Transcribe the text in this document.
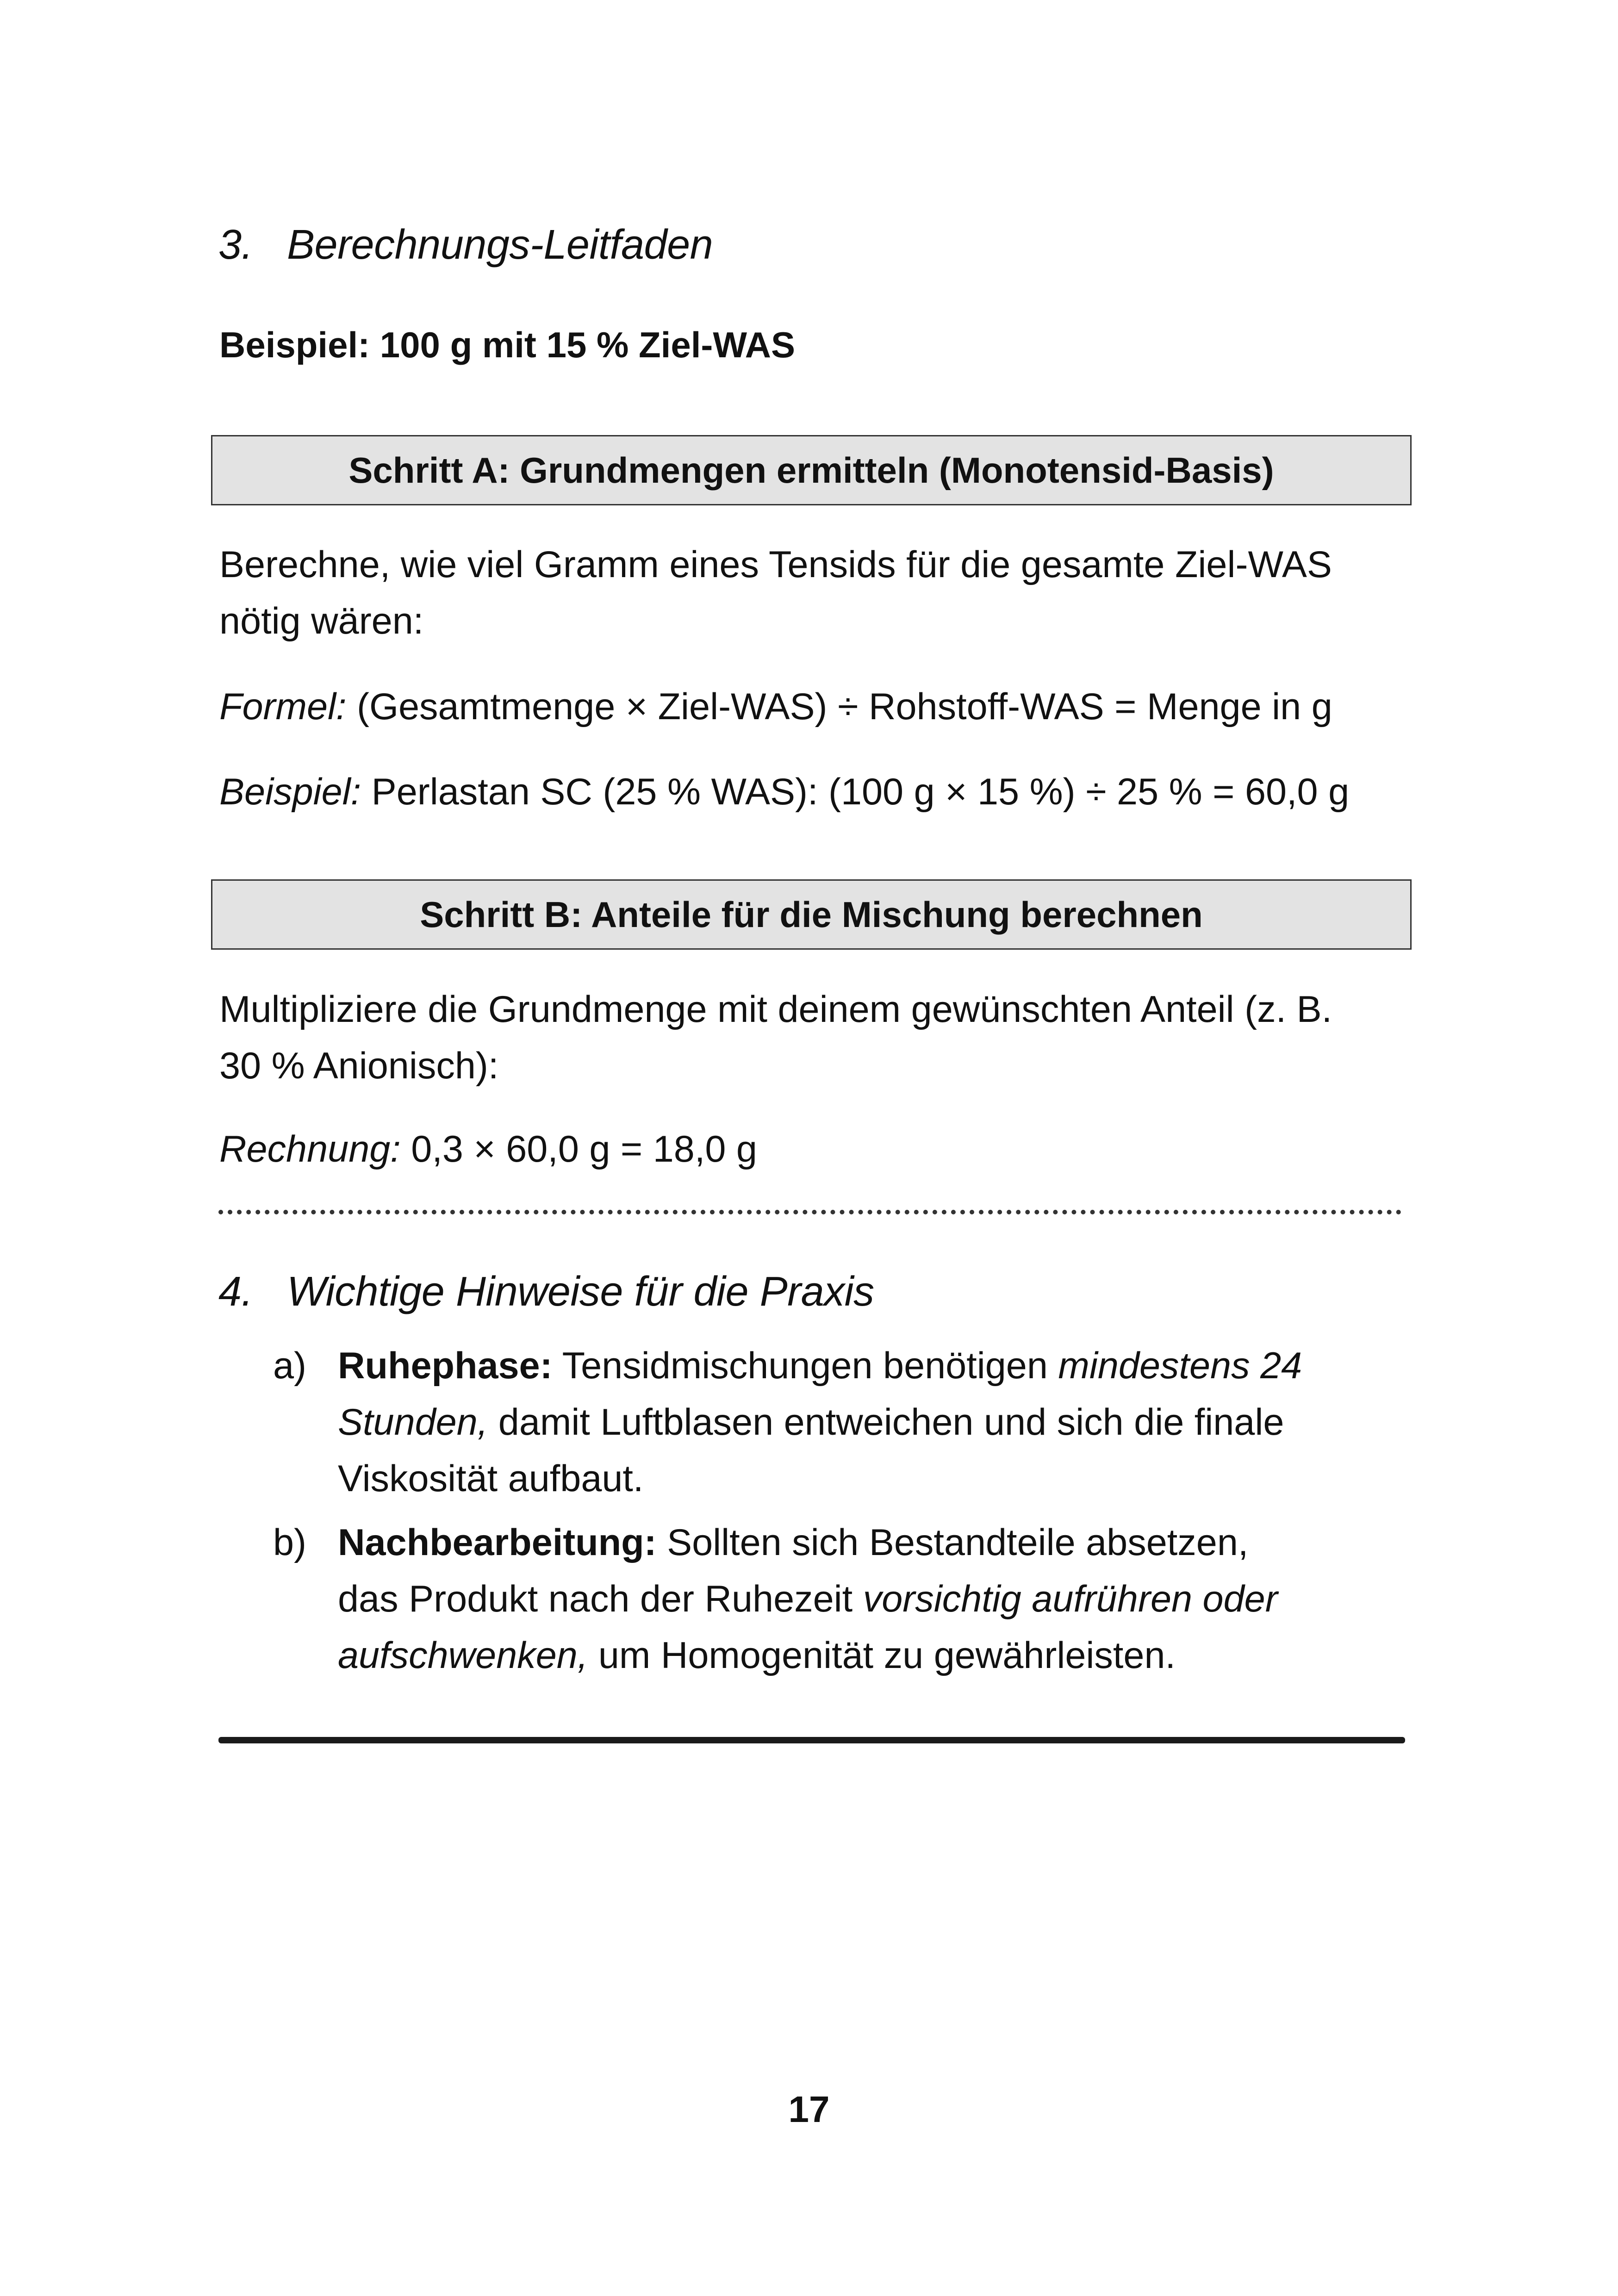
3. Berechnungs-Leitfaden
Beispiel: 100 g mit 15 % Ziel-WAS
Schritt A: Grundmengen ermitteln (Monotensid-Basis)
Berechne, wie viel Gramm eines Tensids für die gesamte Ziel-WAS
nötig wären:
Formel: (Gesamtmenge × Ziel-WAS) ÷ Rohstoff-WAS = Menge in g
Beispiel: Perlastan SC (25 % WAS): (100 g × 15 %) ÷ 25 % = 60,0 g
Schritt B: Anteile für die Mischung berechnen
Multipliziere die Grundmenge mit deinem gewünschten Anteil (z. B.
30 % Anionisch):
Rechnung: 0,3 × 60,0 g = 18,0 g
4. Wichtige Hinweise für die Praxis
a) Ruhephase: Tensidmischungen benötigen mindestens 24
Stunden, damit Luftblasen entweichen und sich die finale
Viskosität aufbaut.
b) Nachbearbeitung: Sollten sich Bestandteile absetzen,
das Produkt nach der Ruhezeit vorsichtig aufrühren oder
aufschwenken, um Homogenität zu gewährleisten.
17
